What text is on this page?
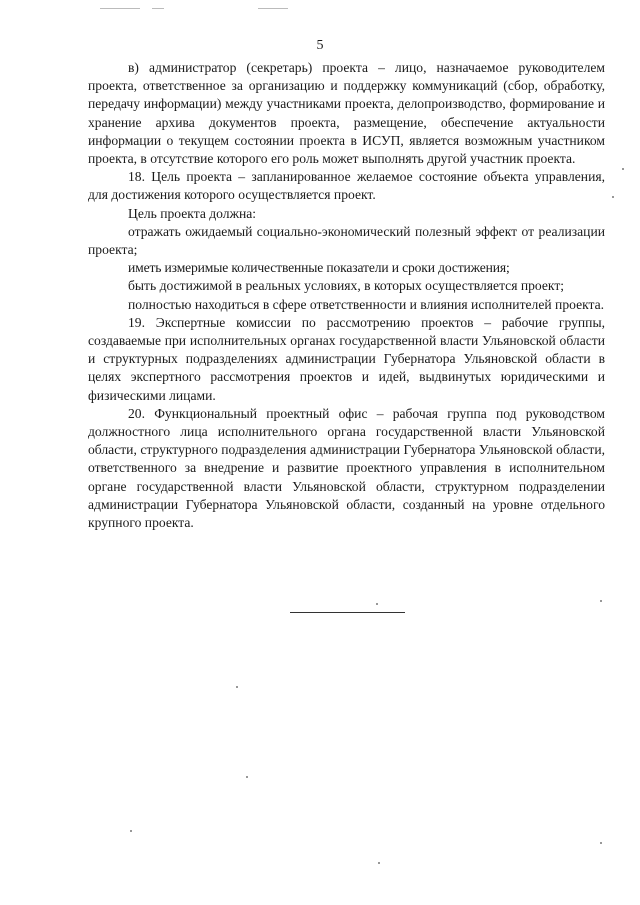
5

в) администратор (секретарь) проекта – лицо, назначаемое руководителем проекта, ответственное за организацию и поддержку коммуникаций (сбор, обработку, передачу информации) между участниками проекта, делопроизводство, формирование и хранение архива документов проекта, размещение, обеспечение актуальности информации о текущем состоянии проекта в ИСУП, является возможным участником проекта, в отсутствие которого его роль может выполнять другой участник проекта.

18. Цель проекта – запланированное желаемое состояние объекта управления, для достижения которого осуществляется проект.

Цель проекта должна:

отражать ожидаемый социально-экономический полезный эффект от реализации проекта;

иметь измеримые количественные показатели и сроки достижения;

быть достижимой в реальных условиях, в которых осуществляется проект;

полностью находиться в сфере ответственности и влияния исполнителей проекта.

19. Экспертные комиссии по рассмотрению проектов – рабочие группы, создаваемые при исполнительных органах государственной власти Ульяновской области и структурных подразделениях администрации Губернатора Ульяновской области в целях экспертного рассмотрения проектов и идей, выдвинутых юридическими и физическими лицами.

20. Функциональный проектный офис – рабочая группа под руководством должностного лица исполнительного органа государственной власти Ульяновской области, структурного подразделения администрации Губернатора Ульяновской области, ответственного за внедрение и развитие проектного управления в исполнительном органе государственной власти Ульяновской области, структурном подразделении администрации Губернатора Ульяновской области, созданный на уровне отдельного крупного проекта.
